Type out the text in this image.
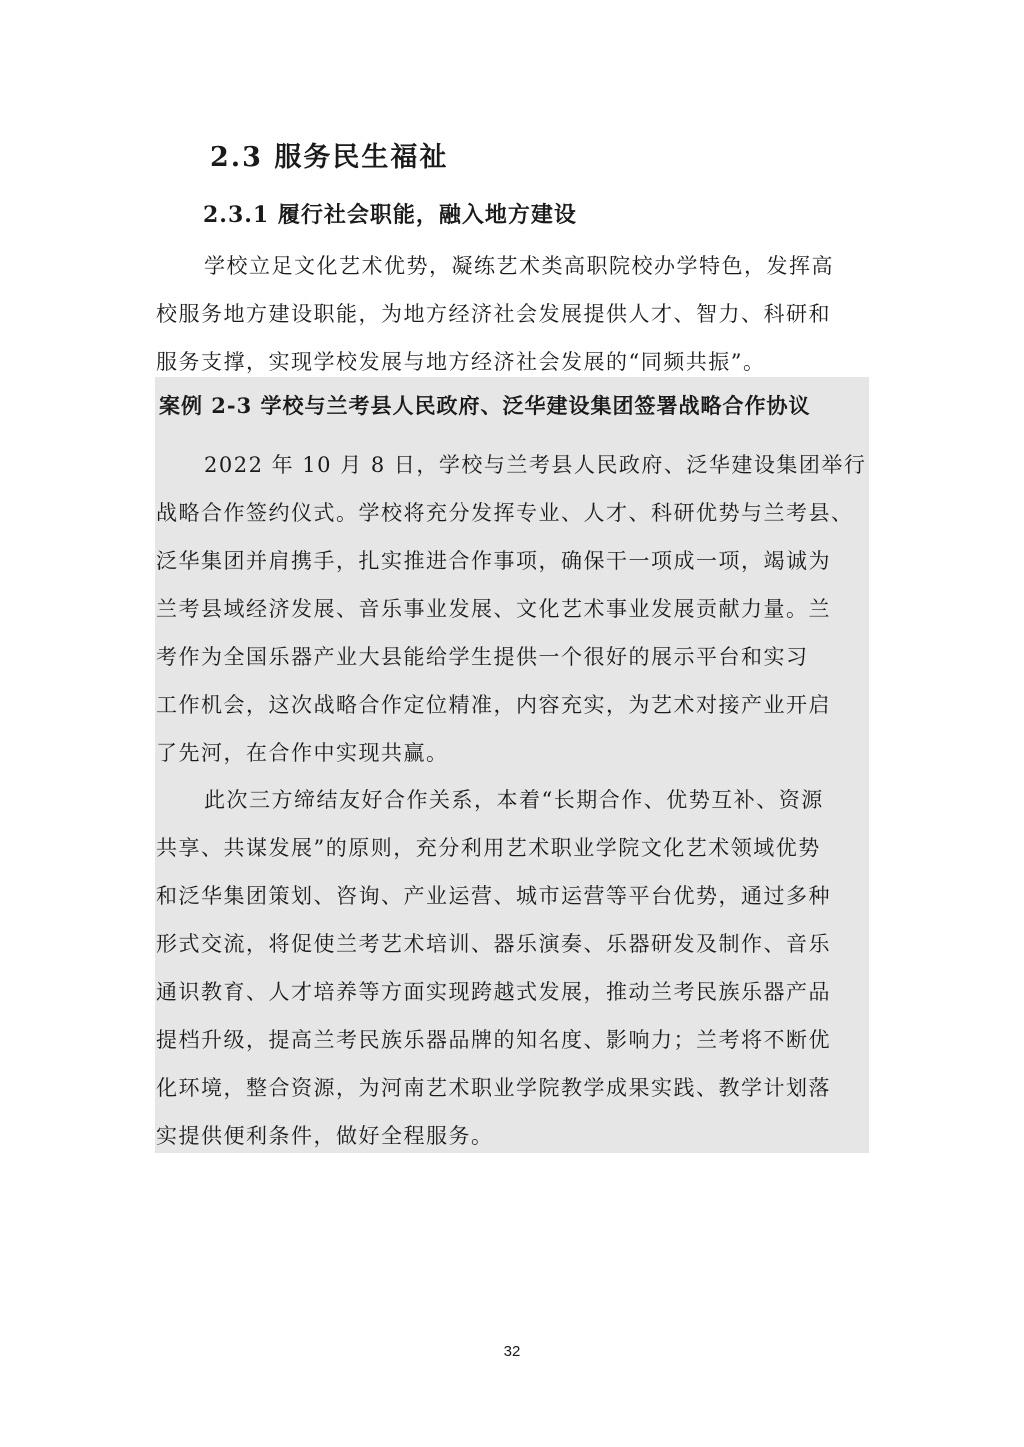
2.3 服务民生福祉
2.3.1 履行社会职能，融入地方建设

学校立足文化艺术优势，凝练艺术类高职院校办学特色，发挥高
校服务地方建设职能，为地方经济社会发展提供人才、智力、科研和
服务支撑，实现学校发展与地方经济社会发展的“同频共振”。

案例 2-3 学校与兰考县人民政府、泛华建设集团签署战略合作协议

2022 年 10 月 8 日，学校与兰考县人民政府、泛华建设集团举行
战略合作签约仪式。学校将充分发挥专业、人才、科研优势与兰考县、
泛华集团并肩携手，扎实推进合作事项，确保干一项成一项，竭诚为
兰考县域经济发展、音乐事业发展、文化艺术事业发展贡献力量。兰
考作为全国乐器产业大县能给学生提供一个很好的展示平台和实习
工作机会，这次战略合作定位精准，内容充实，为艺术对接产业开启
了先河，在合作中实现共赢。

此次三方缔结友好合作关系，本着“长期合作、优势互补、资源
共享、共谋发展”的原则，充分利用艺术职业学院文化艺术领域优势
和泛华集团策划、咨询、产业运营、城市运营等平台优势，通过多种
形式交流，将促使兰考艺术培训、器乐演奏、乐器研发及制作、音乐
通识教育、人才培养等方面实现跨越式发展，推动兰考民族乐器产品
提档升级，提高兰考民族乐器品牌的知名度、影响力；兰考将不断优
化环境，整合资源，为河南艺术职业学院教学成果实践、教学计划落
实提供便利条件，做好全程服务。

32
